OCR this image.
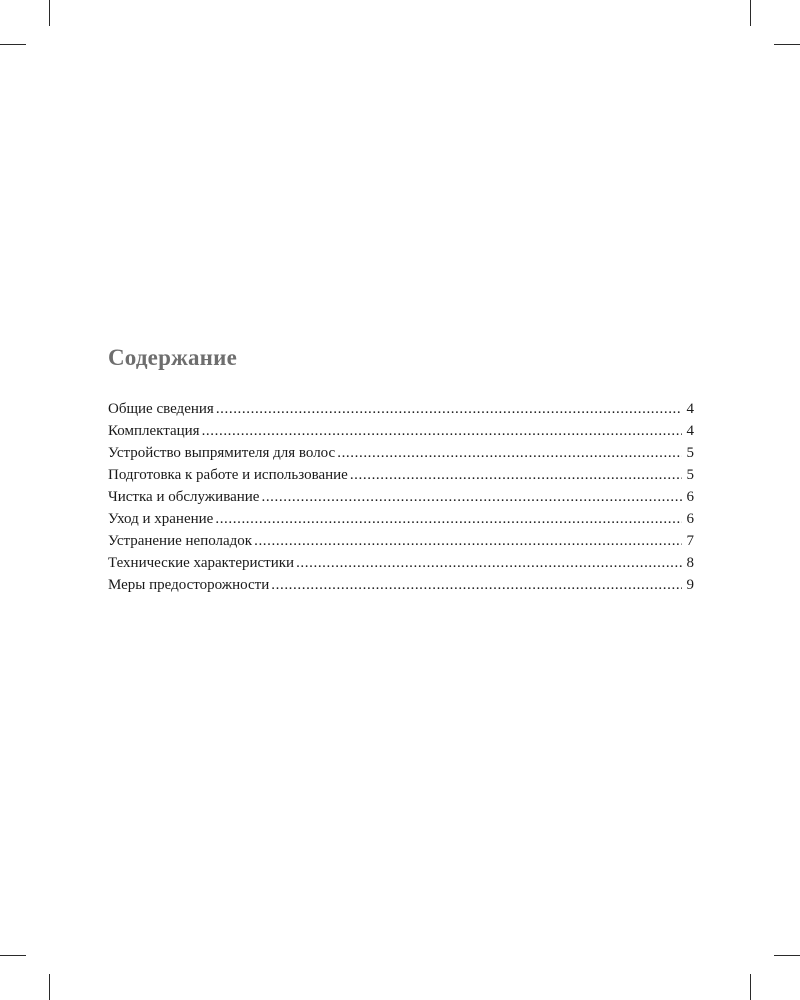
Содержание
Общие сведения .....	4
Комплектация .....	4
Устройство выпрямителя для волос .....	5
Подготовка к работе и использование .....	5
Чистка и обслуживание .....	6
Уход и хранение .....	6
Устранение неполадок .....	7
Технические характеристики .....	8
Меры предосторожности .....	9
